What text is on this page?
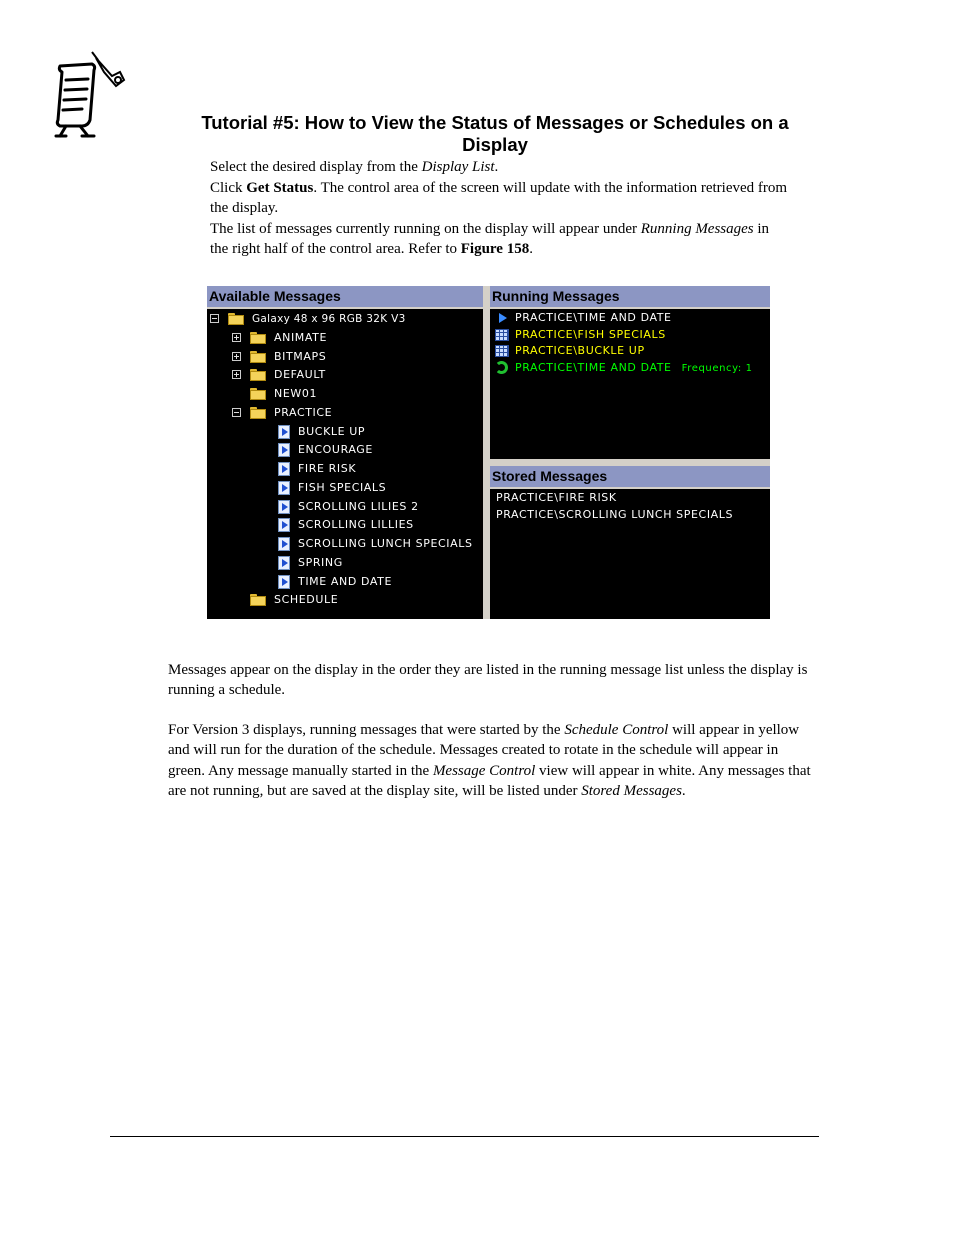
Tutorial #5: How to View the Status of Messages or Schedules on a
Display

Select the desired display from the Display List.

Click Get Status. The control area of the screen will update with the information retrieved from the display.

The list of messages currently running on the display will appear under Running Messages in the right half of the control area. Refer to Figure 158.

Available Messages
Galaxy 48 x 96 RGB 32K V3
ANIMATE
BITMAPS
DEFAULT
NEW01
PRACTICE
BUCKLE UP
ENCOURAGE
FIRE RISK
FISH SPECIALS
SCROLLING LILIES 2
SCROLLING LILLIES
SCROLLING LUNCH SPECIALS
SPRING
TIME AND DATE
SCHEDULE
Running Messages
PRACTICE\TIME AND DATE
PRACTICE\FISH SPECIALS
PRACTICE\BUCKLE UP
PRACTICE\TIME AND DATE Frequency: 1
Stored Messages
PRACTICE\FIRE RISK
PRACTICE\SCROLLING LUNCH SPECIALS

Messages appear on the display in the order they are listed in the running message list unless the display is running a schedule.

For Version 3 displays, running messages that were started by the Schedule Control will appear in yellow and will run for the duration of the schedule. Messages created to rotate in the schedule will appear in green. Any message manually started in the Message Control view will appear in white. Any messages that are not running, but are saved at the display site, will be listed under Stored Messages.
